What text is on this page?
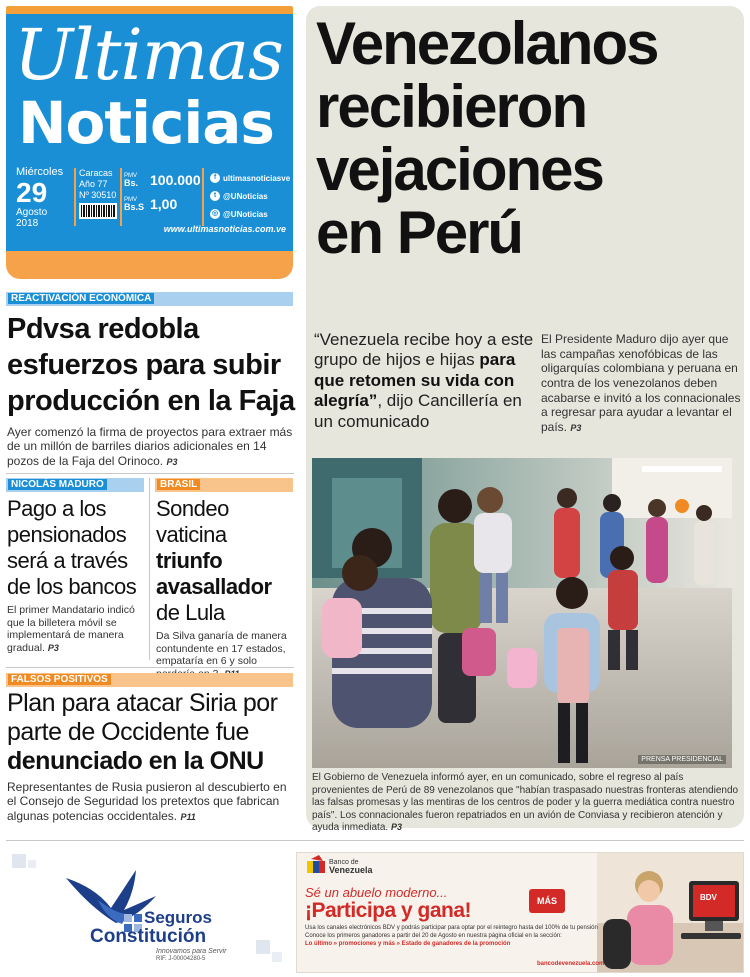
Ultimas
Noticias
Miércoles
29
Agosto
2018
Caracas
Año 77
Nº 30510
PMV
Bs. 100.000
PMV
Bs.S 1,00
f ultimasnoticiasve
t @UNoticias
◎ @UNoticias
www.ultimasnoticias.com.ve
REACTIVACIÓN ECONÓMICA
Pdvsa redobla
esfuerzos para subir
producción en la Faja
Ayer comenzó la firma de proyectos para extraer más de un millón de barriles diarios adicionales en 14 pozos de la Faja del Orinoco. P3
NICOLÁS MADURO
Pago a los
pensionados
será a través
de los bancos
El primer Mandatario indicó que la billetera móvil se implementará de manera gradual. P3
BRASIL
Sondeo
vaticina triunfo
avasallador
de Lula
Da Silva ganaría de manera contundente en 17 estados, empataría en 6 y solo
FALSOS POSITIVOS
Plan para atacar Siria por
parte de Occidente fue
denunciado en la ONU
Representantes de Rusia pusieron al descubierto en el Consejo de Seguridad los pretextos que fabrican algunas potencias occidentales. P11
Venezolanos
recibieron
vejaciones
en Perú
“Venezuela recibe hoy a este grupo de hijos e hijas para que retomen su vida con alegría”, dijo Cancillería en un comunicado
El Presidente Maduro dijo ayer que las campañas xenofóbicas de las oligarquías colombiana y peruana en contra de los venezolanos deben acabarse e invitó a los connacionales a regresar para ayudar a levantar el país. P3
PRENSA PRESIDENCIAL
El Gobierno de Venezuela informó ayer, en un comunicado, sobre el regreso al país provenientes de Perú de 89 venezolanos que "habían traspasado nuestras fronteras atendiendo las falsas promesas y las mentiras de los centros de poder y la guerra mediática contra nuestro país". Los connacionales fueron repatriados en un avión de Conviasa y recibieron atención y ayuda inmediata. P3
Seguros
Constitución
Innovamos para Servir
RIF. J-00004280-5
Banco de
Venezuela
Sé un abuelo moderno...
¡Participa y gana!	MÁS
Usa los canales electrónicos BDV y podrás participar para optar por el reintegro hasta del 100% de tu pensión
Conoce los primeros ganadores a partir del 20 de Agosto en nuestra página oficial en la sección:
Lo último » promociones y más » Estado de ganadores de la promoción
bancodevenezuela.com
BDV
